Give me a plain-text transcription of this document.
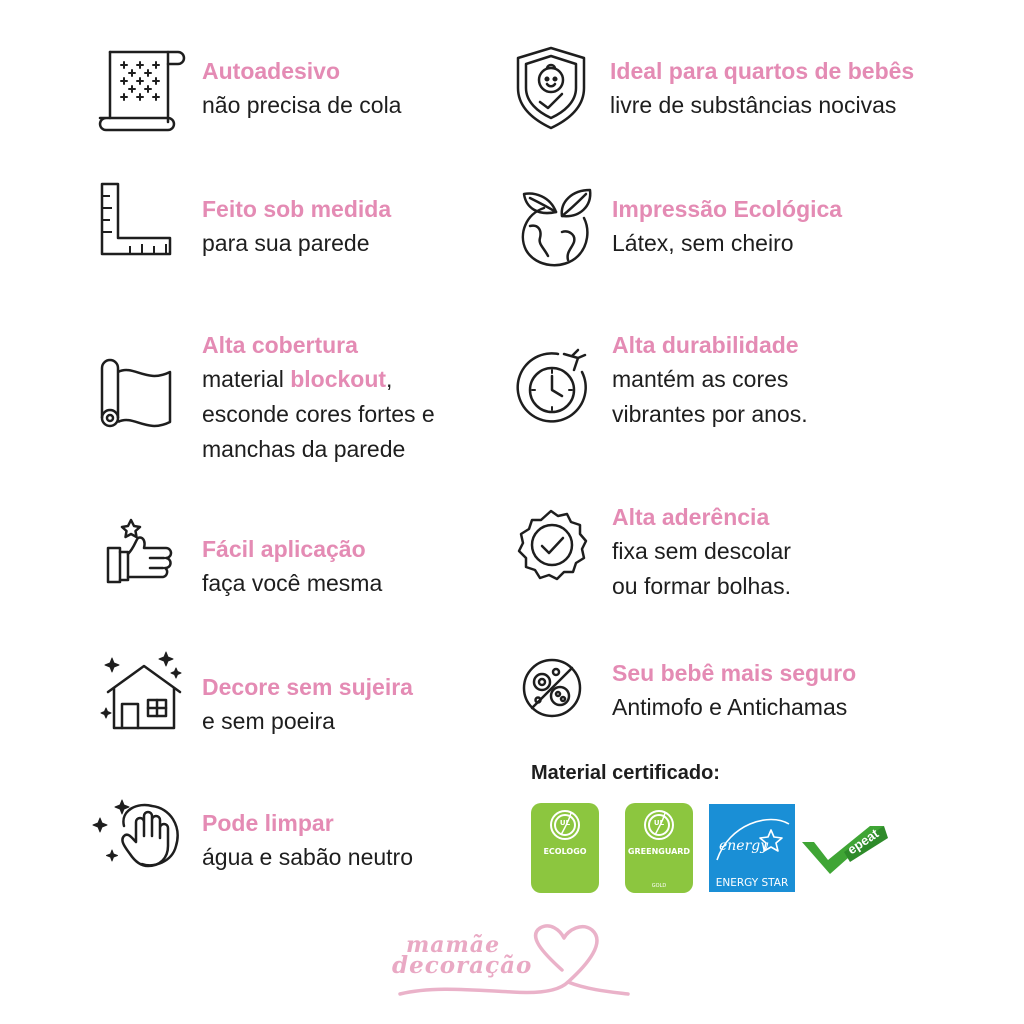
Autoadesivo
não precisa de cola
Feito sob medida
para sua parede
Alta cobertura
material blockout,
esconde cores fortes e
manchas da parede
Fácil aplicação
faça você mesma
Decore sem sujeira
e sem poeira
Pode limpar
água e sabão neutro
Ideal para quartos de bebês
livre de substâncias nocivas
Impressão Ecológica
Látex, sem cheiro
Alta durabilidade
mantém as cores
vibrantes por anos.
Alta aderência
fixa sem descolar
ou formar bolhas.
Seu bebê mais seguro
Antimofo e Antichamas
Material certificado:
UL
ECOLOGO
UL
GREENGUARD
GOLD
energy
ENERGY STAR
epeat
mamãe
decoração
